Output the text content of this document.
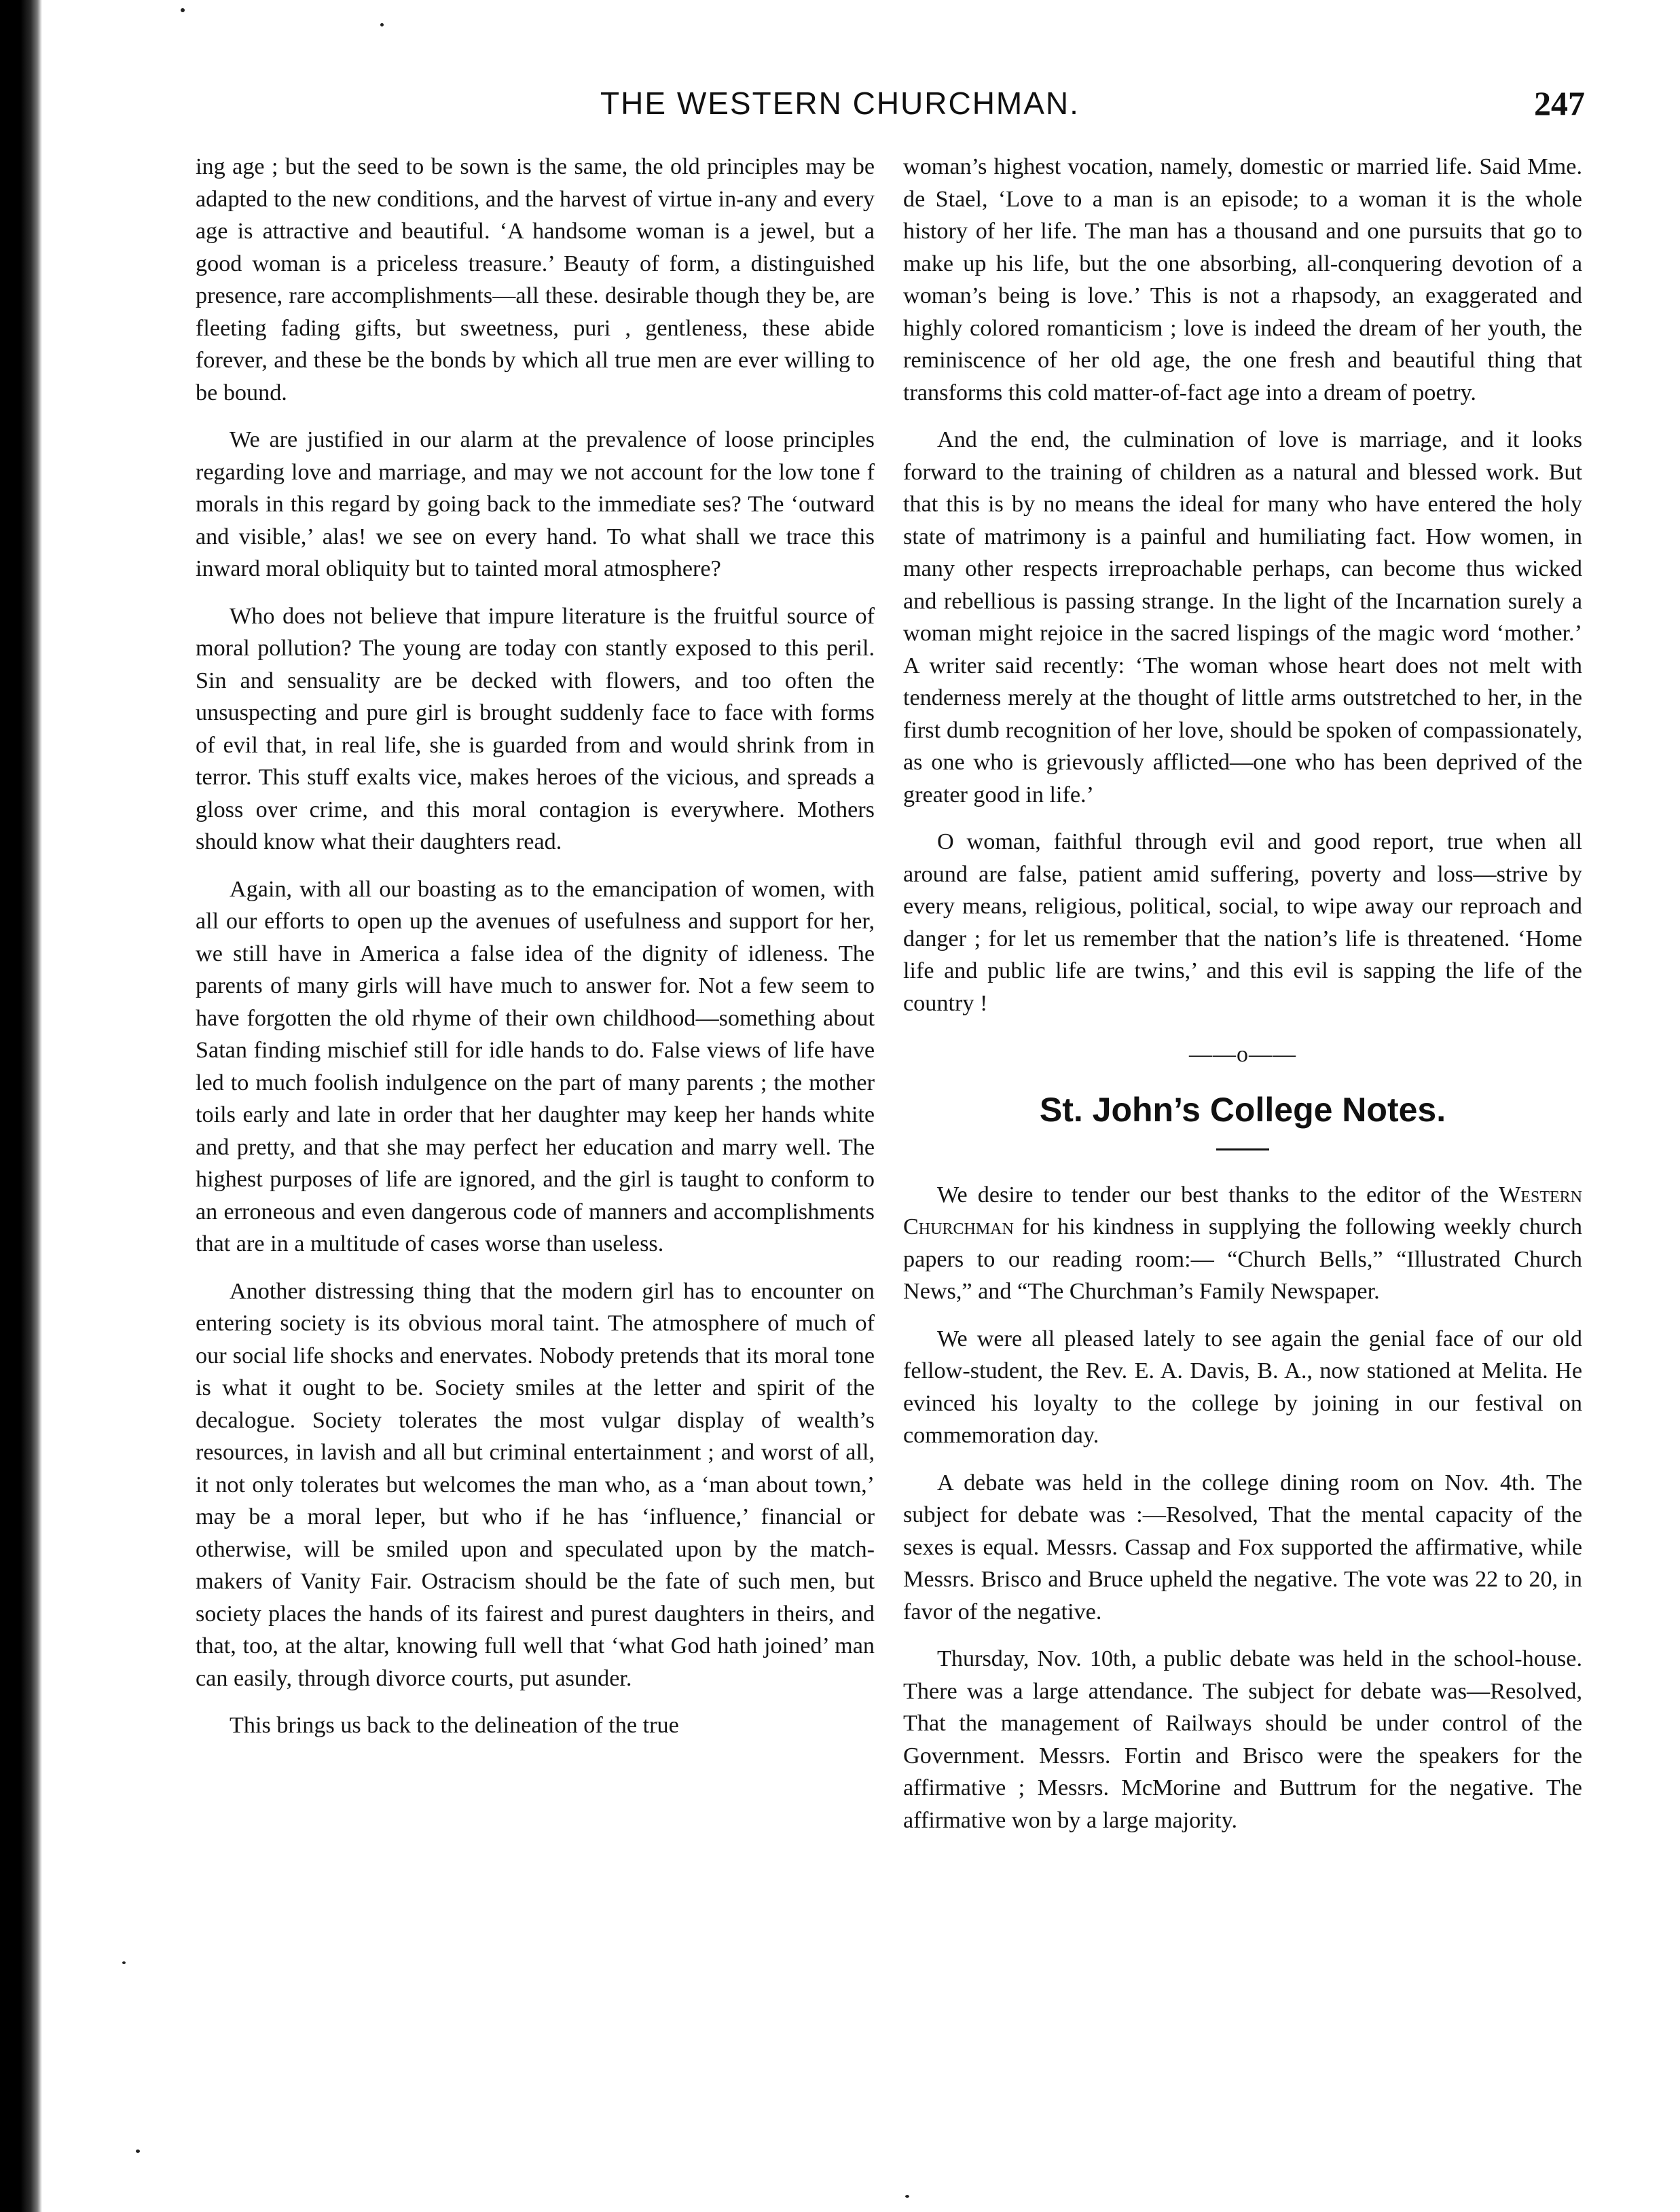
THE WESTERN CHURCHMAN.	247

ing age ; but the seed to be sown is the same, the old principles may be adapted to the new conditions, and the harvest of virtue in-any and every age is attractive and beautiful. ‘A handsome woman is a jewel, but a good woman is a priceless treasure.’ Beauty of form, a distinguished presence, rare accomplishments—all these. desirable though they be, are fleeting fading gifts, but sweetness, puri , gentleness, these abide forever, and these be the bonds by which all true men are ever willing to be bound.

We are justified in our alarm at the prevalence of loose principles regarding love and marriage, and may we not account for the low tone f morals in this regard by going back to the immediate ses? The ‘outward and visible,’ alas! we see on every hand. To what shall we trace this inward moral obliquity but to tainted moral atmosphere?

Who does not believe that impure literature is the fruitful source of moral pollution? The young are today con stantly exposed to this peril. Sin and sensuality are be decked with flowers, and too often the unsuspecting and pure girl is brought suddenly face to face with forms of evil that, in real life, she is guarded from and would shrink from in terror. This stuff exalts vice, makes heroes of the vicious, and spreads a gloss over crime, and this moral contagion is everywhere. Mothers should know what their daughters read.

Again, with all our boasting as to the emancipation of women, with all our efforts to open up the avenues of usefulness and support for her, we still have in America a false idea of the dignity of idleness. The parents of many girls will have much to answer for. Not a few seem to have forgotten the old rhyme of their own childhood—something about Satan finding mischief still for idle hands to do. False views of life have led to much foolish indulgence on the part of many parents ; the mother toils early and late in order that her daughter may keep her hands white and pretty, and that she may perfect her education and marry well. The highest purposes of life are ignored, and the girl is taught to conform to an erroneous and even dangerous code of manners and accomplishments that are in a multitude of cases worse than useless.

Another distressing thing that the modern girl has to encounter on entering society is its obvious moral taint. The atmosphere of much of our social life shocks and enervates. Nobody pretends that its moral tone is what it ought to be. Society smiles at the letter and spirit of the decalogue. Society tolerates the most vulgar display of wealth’s resources, in lavish and all but criminal entertainment ; and worst of all, it not only tolerates but welcomes the man who, as a ‘man about town,’ may be a moral leper, but who if he has ‘influence,’ financial or otherwise, will be smiled upon and speculated upon by the match-makers of Vanity Fair. Ostracism should be the fate of such men, but society places the hands of its fairest and purest daughters in theirs, and that, too, at the altar, knowing full well that ‘what God hath joined’ man can easily, through divorce courts, put asunder.

This brings us back to the delineation of the true

woman’s highest vocation, namely, domestic or married life. Said Mme. de Stael, ‘Love to a man is an episode; to a woman it is the whole history of her life. The man has a thousand and one pursuits that go to make up his life, but the one absorbing, all-conquering devotion of a woman’s being is love.’ This is not a rhapsody, an exaggerated and highly colored romanticism ; love is indeed the dream of her youth, the reminiscence of her old age, the one fresh and beautiful thing that transforms this cold matter-of-fact age into a dream of poetry.

And the end, the culmination of love is marriage, and it looks forward to the training of children as a natural and blessed work. But that this is by no means the ideal for many who have entered the holy state of matrimony is a painful and humiliating fact. How women, in many other respects irreproachable perhaps, can become thus wicked and rebellious is passing strange. In the light of the Incarnation surely a woman might rejoice in the sacred lispings of the magic word ‘mother.’ A writer said recently: ‘The woman whose heart does not melt with tenderness merely at the thought of little arms outstretched to her, in the first dumb recognition of her love, should be spoken of compassionately, as one who is grievously afflicted—one who has been deprived of the greater good in life.’

O woman, faithful through evil and good report, true when all around are false, patient amid suffering, poverty and loss—strive by every means, religious, political, social, to wipe away our reproach and danger ; for let us remember that the nation’s life is threatened. ‘Home life and public life are twins,’ and this evil is sapping the life of the country !

——o——
St. John’s College Notes.

We desire to tender our best thanks to the editor of the Western Churchman for his kindness in supplying the following weekly church papers to our reading room:— “Church Bells,” “Illustrated Church News,” and “The Churchman’s Family Newspaper.

We were all pleased lately to see again the genial face of our old fellow-student, the Rev. E. A. Davis, B. A., now stationed at Melita. He evinced his loyalty to the college by joining in our festival on commemoration day.

A debate was held in the college dining room on Nov. 4th. The subject for debate was :—Resolved, That the mental capacity of the sexes is equal. Messrs. Cassap and Fox supported the affirmative, while Messrs. Brisco and Bruce upheld the negative. The vote was 22 to 20, in favor of the negative.

Thursday, Nov. 10th, a public debate was held in the school-house. There was a large attendance. The subject for debate was—Resolved, That the management of Railways should be under control of the Government. Messrs. Fortin and Brisco were the speakers for the affirmative ; Messrs. McMorine and Buttrum for the negative. The affirmative won by a large majority.
